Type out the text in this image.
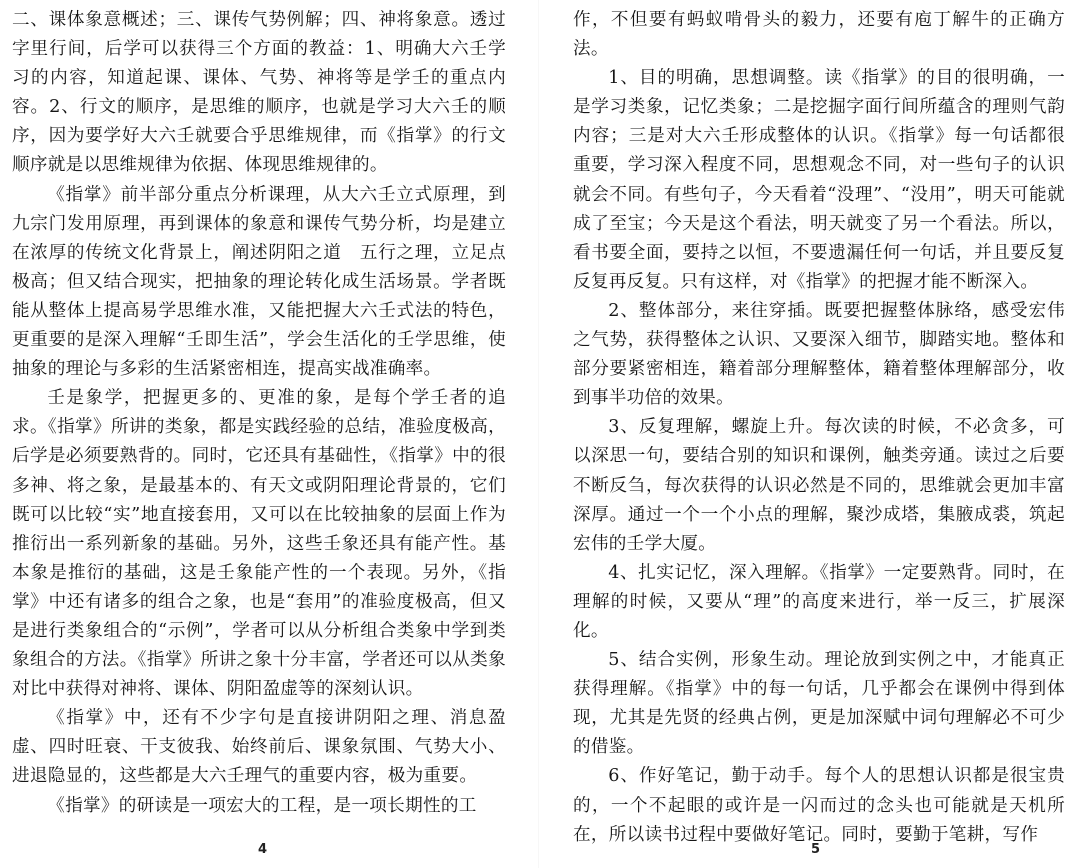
二、课体象意概述；三、课传气势例解；四、神将象意。透过字里行间，后学可以获得三个方面的教益：1、明确大六壬学习的内容，知道起课、课体、气势、神将等是学壬的重点内容。2、行文的顺序，是思维的顺序，也就是学习大六壬的顺序，因为要学好大六壬就要合乎思维规律，而《指掌》的行文顺序就是以思维规律为依据、体现思维规律的。

《指掌》前半部分重点分析课理，从大六壬立式原理，到九宗门发用原理，再到课体的象意和课传气势分析，均是建立在浓厚的传统文化背景上，阐述阴阳之道　五行之理，立足点极高；但又结合现实，把抽象的理论转化成生活场景。学者既能从整体上提高易学思维水准，又能把握大六壬式法的特色，更重要的是深入理解“壬即生活”，学会生活化的壬学思维，使抽象的理论与多彩的生活紧密相连，提高实战准确率。

壬是象学，把握更多的、更准的象，是每个学壬者的追求。《指掌》所讲的类象，都是实践经验的总结，准验度极高，后学是必须要熟背的。同时，它还具有基础性，《指掌》中的很多神、将之象，是最基本的、有天文或阴阳理论背景的，它们既可以比较“实”地直接套用，又可以在比较抽象的层面上作为推衍出一系列新象的基础。另外，这些壬象还具有能产性。基本象是推衍的基础，这是壬象能产性的一个表现。另外，《指掌》中还有诸多的组合之象，也是“套用”的准验度极高，但又是进行类象组合的“示例”，学者可以从分析组合类象中学到类象组合的方法。《指掌》所讲之象十分丰富，学者还可以从类象对比中获得对神将、课体、阴阳盈虚等的深刻认识。

《指掌》中，还有不少字句是直接讲阴阳之理、消息盈虚、四时旺衰、干支彼我、始终前后、课象氛围、气势大小、进退隐显的，这些都是大六壬理气的重要内容，极为重要。

《指掌》的研读是一项宏大的工程，是一项长期性的工

4

作，不但要有蚂蚁啃骨头的毅力，还要有庖丁解牛的正确方法。

1、目的明确，思想调整。读《指掌》的目的很明确，一是学习类象，记忆类象；二是挖掘字面行间所蕴含的理则气韵内容；三是对大六壬形成整体的认识。《指掌》每一句话都很重要，学习深入程度不同，思想观念不同，对一些句子的认识就会不同。有些句子，今天看着“没理”、“没用”，明天可能就成了至宝；今天是这个看法，明天就变了另一个看法。所以，看书要全面，要持之以恒，不要遗漏任何一句话，并且要反复反复再反复。只有这样，对《指掌》的把握才能不断深入。

2、整体部分，来往穿插。既要把握整体脉络，感受宏伟之气势，获得整体之认识、又要深入细节，脚踏实地。整体和部分要紧密相连，籍着部分理解整体，籍着整体理解部分，收到事半功倍的效果。

3、反复理解，螺旋上升。每次读的时候，不必贪多，可以深思一句，要结合别的知识和课例，触类旁通。读过之后要不断反刍，每次获得的认识必然是不同的，思维就会更加丰富深厚。通过一个一个小点的理解，聚沙成塔，集腋成裘，筑起宏伟的壬学大厦。

4、扎实记忆，深入理解。《指掌》一定要熟背。同时，在理解的时候，又要从“理”的高度来进行，举一反三，扩展深化。

5、结合实例，形象生动。理论放到实例之中，才能真正获得理解。《指掌》中的每一句话，几乎都会在课例中得到体现，尤其是先贤的经典占例，更是加深赋中词句理解必不可少的借鉴。

6、作好笔记，勤于动手。每个人的思想认识都是很宝贵的，一个不起眼的或许是一闪而过的念头也可能就是天机所在，所以读书过程中要做好笔记。同时，要勤于笔耕，写作

5
